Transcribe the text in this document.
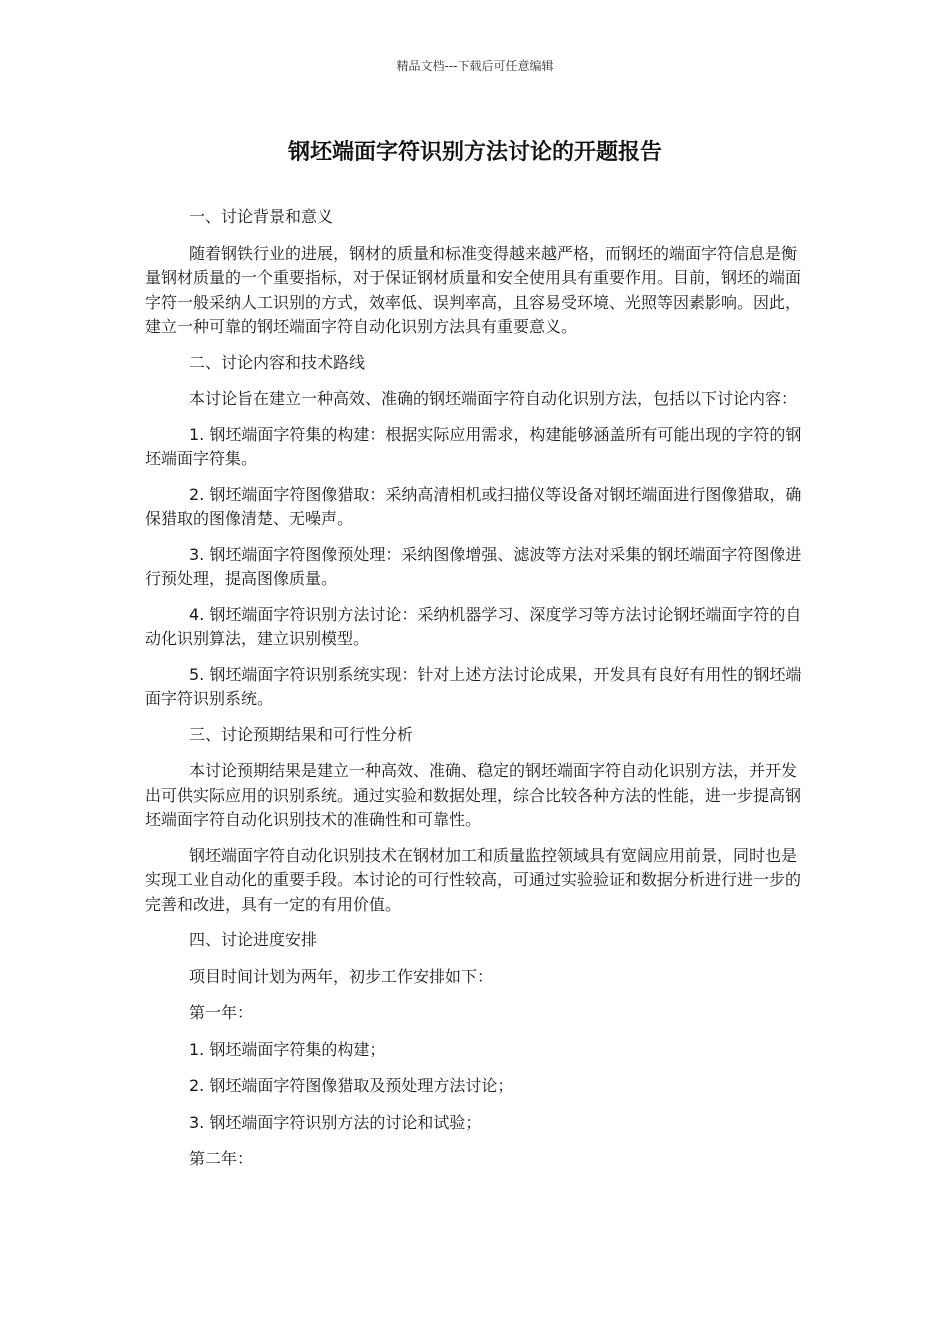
精品文档---下载后可任意编辑
钢坯端面字符识别方法讨论的开题报告

一、讨论背景和意义

随着钢铁行业的进展，钢材的质量和标准变得越来越严格，而钢坯的端面字符信息是衡量钢材质量的一个重要指标，对于保证钢材质量和安全使用具有重要作用。目前，钢坯的端面字符一般采纳人工识别的方式，效率低、误判率高，且容易受环境、光照等因素影响。因此，建立一种可靠的钢坯端面字符自动化识别方法具有重要意义。

二、讨论内容和技术路线

本讨论旨在建立一种高效、准确的钢坯端面字符自动化识别方法，包括以下讨论内容：

1. 钢坯端面字符集的构建：根据实际应用需求，构建能够涵盖所有可能出现的字符的钢坯端面字符集。

2. 钢坯端面字符图像猎取：采纳高清相机或扫描仪等设备对钢坯端面进行图像猎取，确保猎取的图像清楚、无噪声。

3. 钢坯端面字符图像预处理：采纳图像增强、滤波等方法对采集的钢坯端面字符图像进行预处理，提高图像质量。

4. 钢坯端面字符识别方法讨论：采纳机器学习、深度学习等方法讨论钢坯端面字符的自动化识别算法，建立识别模型。

5. 钢坯端面字符识别系统实现：针对上述方法讨论成果，开发具有良好有用性的钢坯端面字符识别系统。

三、讨论预期结果和可行性分析

本讨论预期结果是建立一种高效、准确、稳定的钢坯端面字符自动化识别方法，并开发出可供实际应用的识别系统。通过实验和数据处理，综合比较各种方法的性能，进一步提高钢坯端面字符自动化识别技术的准确性和可靠性。

钢坯端面字符自动化识别技术在钢材加工和质量监控领域具有宽阔应用前景，同时也是实现工业自动化的重要手段。本讨论的可行性较高，可通过实验验证和数据分析进行进一步的完善和改进，具有一定的有用价值。

四、讨论进度安排

项目时间计划为两年，初步工作安排如下：

第一年：

1. 钢坯端面字符集的构建；

2. 钢坯端面字符图像猎取及预处理方法讨论；

3. 钢坯端面字符识别方法的讨论和试验；

第二年：
